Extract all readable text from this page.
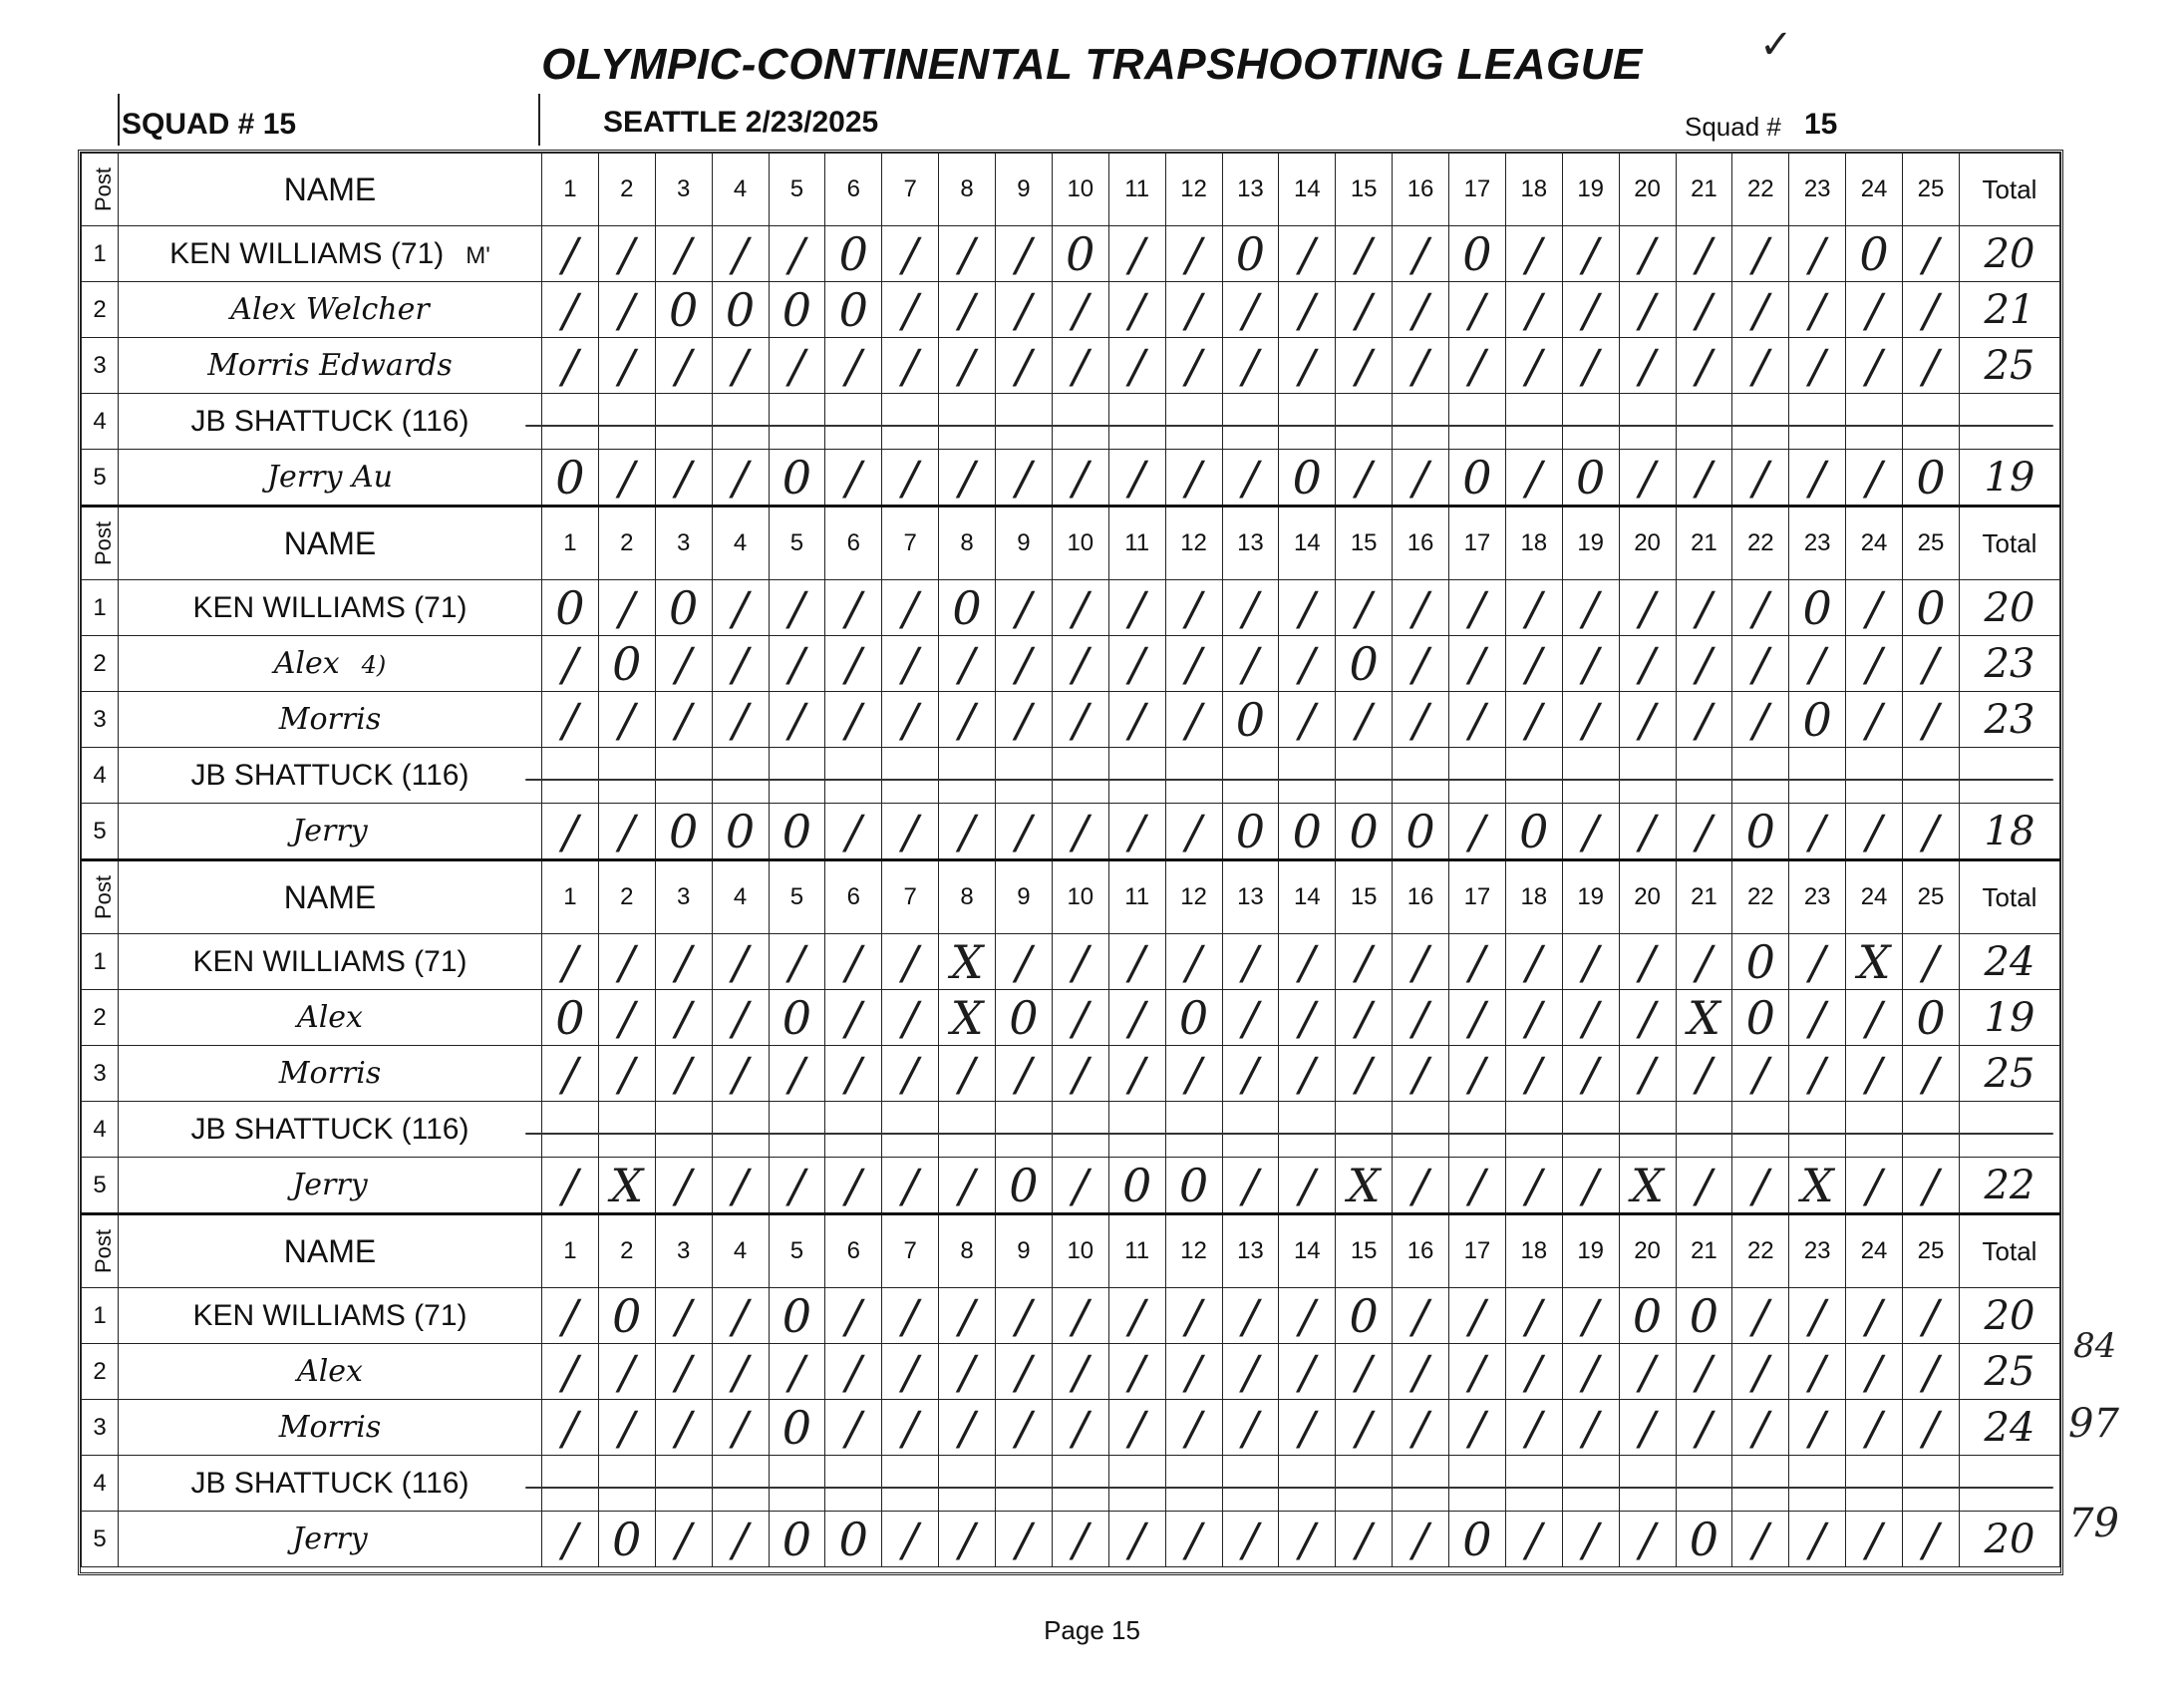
OLYMPIC-CONTINENTAL TRAPSHOOTING LEAGUE	✓
SQUAD # 15	SEATTLE 2/23/2025	Squad # 15
Post	NAME	1	2	3	4	5	6	7	8	9	10	11	12	13	14	15	16	17	18	19	20	21	22	23	24	25	Total
1	KEN WILLIAMS (71) M'	/	/	/	/	/	0	/	/	/	0	/	/	0	/	/	/	0	/	/	/	/	/	/	0	/	20
2	Alex Welcher	/	/	0	0	0	0	/	/	/	/	/	/	/	/	/	/	/	/	/	/	/	/	/	/	/	21
3	Morris Edwards	/	/	/	/	/	/	/	/	/	/	/	/	/	/	/	/	/	/	/	/	/	/	/	/	/	25
4	JB SHATTUCK (116)																										
5	Jerry Au	0	/	/	/	0	/	/	/	/	/	/	/	/	0	/	/	0	/	0	/	/	/	/	/	0	19
Post	NAME	1	2	3	4	5	6	7	8	9	10	11	12	13	14	15	16	17	18	19	20	21	22	23	24	25	Total
1	KEN WILLIAMS (71)	0	/	0	/	/	/	/	0	/	/	/	/	/	/	/	/	/	/	/	/	/	/	0	/	0	20
2	Alex 4)	/	0	/	/	/	/	/	/	/	/	/	/	/	/	0	/	/	/	/	/	/	/	/	/	/	23
3	Morris	/	/	/	/	/	/	/	/	/	/	/	/	0	/	/	/	/	/	/	/	/	/	0	/	/	23
4	JB SHATTUCK (116)																										
5	Jerry	/	/	0	0	0	/	/	/	/	/	/	/	0	0	0	0	/	0	/	/	/	0	/	/	/	18
Post	NAME	1	2	3	4	5	6	7	8	9	10	11	12	13	14	15	16	17	18	19	20	21	22	23	24	25	Total
1	KEN WILLIAMS (71)	/	/	/	/	/	/	/	X	/	/	/	/	/	/	/	/	/	/	/	/	/	0	/	X	/	24
2	Alex	0	/	/	/	0	/	/	X	0	/	/	0	/	/	/	/	/	/	/	/	X	0	/	/	0	19
3	Morris	/	/	/	/	/	/	/	/	/	/	/	/	/	/	/	/	/	/	/	/	/	/	/	/	/	25
4	JB SHATTUCK (116)																										
5	Jerry	/	X	/	/	/	/	/	/	0	/	0	0	/	/	X	/	/	/	/	X	/	/	X	/	/	22
Post	NAME	1	2	3	4	5	6	7	8	9	10	11	12	13	14	15	16	17	18	19	20	21	22	23	24	25	Total
1	KEN WILLIAMS (71)	/	0	/	/	0	/	/	/	/	/	/	/	/	/	0	/	/	/	/	0	0	/	/	/	/	20
2	Alex	/	/	/	/	/	/	/	/	/	/	/	/	/	/	/	/	/	/	/	/	/	/	/	/	/	25
3	Morris	/	/	/	/	0	/	/	/	/	/	/	/	/	/	/	/	/	/	/	/	/	/	/	/	/	24
4	JB SHATTUCK (116)																										
5	Jerry	/	0	/	/	0	0	/	/	/	/	/	/	/	/	/	/	0	/	/	/	0	/	/	/	/	20
84
97
79
Page 15
